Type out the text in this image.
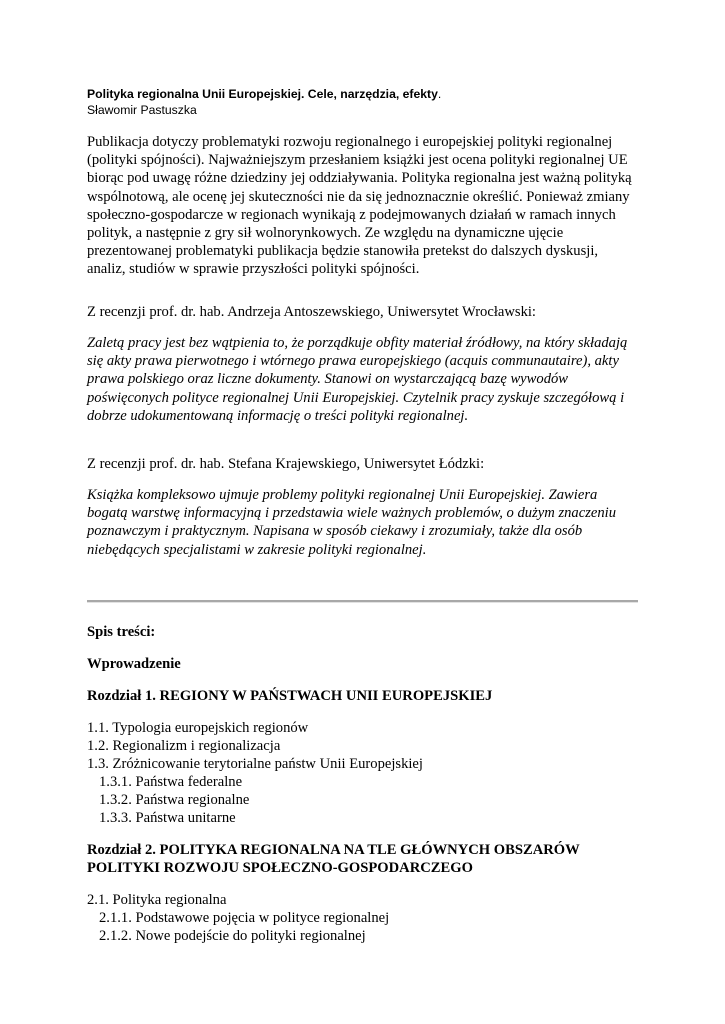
Polityka regionalna Unii Europejskiej. Cele, narzędzia, efekty.
Sławomir Pastuszka
Publikacja dotyczy problematyki rozwoju regionalnego i europejskiej polityki regionalnej
(polityki spójności). Najważniejszym przesłaniem książki jest ocena polityki regionalnej UE
biorąc pod uwagę różne dziedziny jej oddziaływania. Polityka regionalna jest ważną polityką
wspólnotową, ale ocenę jej skuteczności nie da się jednoznacznie określić. Ponieważ zmiany
społeczno-gospodarcze w regionach wynikają z podejmowanych działań w ramach innych
polityk, a następnie z gry sił wolnorynkowych. Ze względu na dynamiczne ujęcie
prezentowanej problematyki publikacja będzie stanowiła pretekst do dalszych dyskusji,
analiz, studiów w sprawie przyszłości polityki spójności.
Z recenzji prof. dr. hab. Andrzeja Antoszewskiego, Uniwersytet Wrocławski:
Zaletą pracy jest bez wątpienia to, że porządkuje obfity materiał źródłowy, na który składają
się akty prawa pierwotnego i wtórnego prawa europejskiego (acquis communautaire), akty
prawa polskiego oraz liczne dokumenty. Stanowi on wystarczającą bazę wywodów
poświęconych polityce regionalnej Unii Europejskiej. Czytelnik pracy zyskuje szczegółową i
dobrze udokumentowaną informację o treści polityki regionalnej.
Z recenzji prof. dr. hab. Stefana Krajewskiego, Uniwersytet Łódzki:
Książka kompleksowo ujmuje problemy polityki regionalnej Unii Europejskiej. Zawiera
bogatą warstwę informacyjną i przedstawia wiele ważnych problemów, o dużym znaczeniu
poznawczym i praktycznym. Napisana w sposób ciekawy i zrozumiały, także dla osób
niebędących specjalistami w zakresie polityki regionalnej.
Spis treści:
Wprowadzenie
Rozdział 1. REGIONY W PAŃSTWACH UNII EUROPEJSKIEJ
1.1. Typologia europejskich regionów
1.2. Regionalizm i regionalizacja
1.3. Zróżnicowanie terytorialne państw Unii Europejskiej
1.3.1. Państwa federalne
1.3.2. Państwa regionalne
1.3.3. Państwa unitarne
Rozdział 2. POLITYKA REGIONALNA NA TLE GŁÓWNYCH OBSZARÓW
POLITYKI ROZWOJU SPOŁECZNO-GOSPODARCZEGO
2.1. Polityka regionalna
2.1.1. Podstawowe pojęcia w polityce regionalnej
2.1.2. Nowe podejście do polityki regionalnej
